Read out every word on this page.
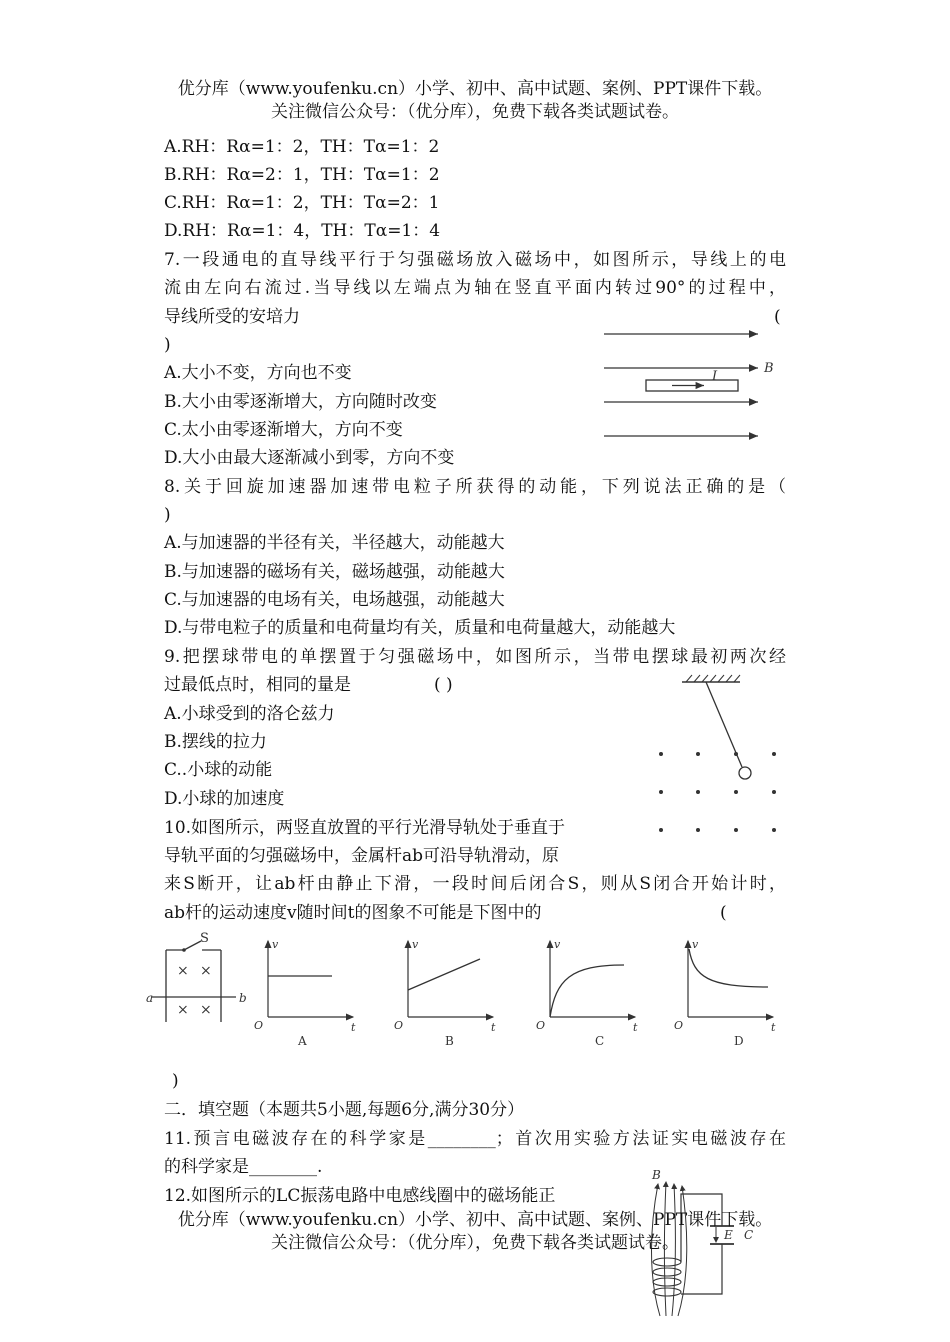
优分库（www.youfenku.cn）小学、初中、高中试题、案例、PPT课件下载。
关注微信公众号：（优分库），免费下载各类试题试卷。
A.RH：Rα=1：2，TH：Tα=1：2
B.RH：Rα=2：1，TH：Tα=1：2
C.RH：Rα=1：2，TH：Tα=2：1
D.RH：Rα=1：4，TH：Tα=1：4
7.一段通电的直导线平行于匀强磁场放入磁场中，如图所示，导线上的电
流由左向右流过.当导线以左端点为轴在竖直平面内转过90°的过程中，
导线所受的安培力	(
)
A.大小不变，方向也不变
B.大小由零逐渐增大，方向随时改变
C.太小由零逐渐增大，方向不变
D.大小由最大逐渐减小到零，方向不变
I
B
8.关于回旋加速器加速带电粒子所获得的动能，下列说法正确的是（
)
A.与加速器的半径有关，半径越大，动能越大
B.与加速器的磁场有关，磁场越强，动能越大
C.与加速器的电场有关，电场越强，动能越大
D.与带电粒子的质量和电荷量均有关，质量和电荷量越大，动能越大
9.把摆球带电的单摆置于匀强磁场中，如图所示，当带电摆球最初两次经
过最低点时，相同的量是	( )
A.小球受到的洛仑兹力
B.摆线的拉力
C..小球的动能
D.小球的加速度
10.如图所示，两竖直放置的平行光滑导轨处于垂直于
导轨平面的匀强磁场中，金属杆ab可沿导轨滑动，原
来S断开，让ab杆由静止下滑，一段时间后闭合S，则从S闭合开始计时，
ab杆的运动速度v随时间t的图象不可能是下图中的	(
S
a	b
× ×
× ×
v
t
O
A
v
t
O
B
v
t
O
C
v
t
O
D
)
二．填空题（本题共5小题,每题6分,满分30分）
11.预言电磁波存在的科学家是________；首次用实验方法证实电磁波存在
的科学家是________.
12.如图所示的LC振荡电路中电感线圈中的磁场能正
B
E C
优分库（www.youfenku.cn）小学、初中、高中试题、案例、PPT课件下载。
关注微信公众号：（优分库），免费下载各类试题试卷。
